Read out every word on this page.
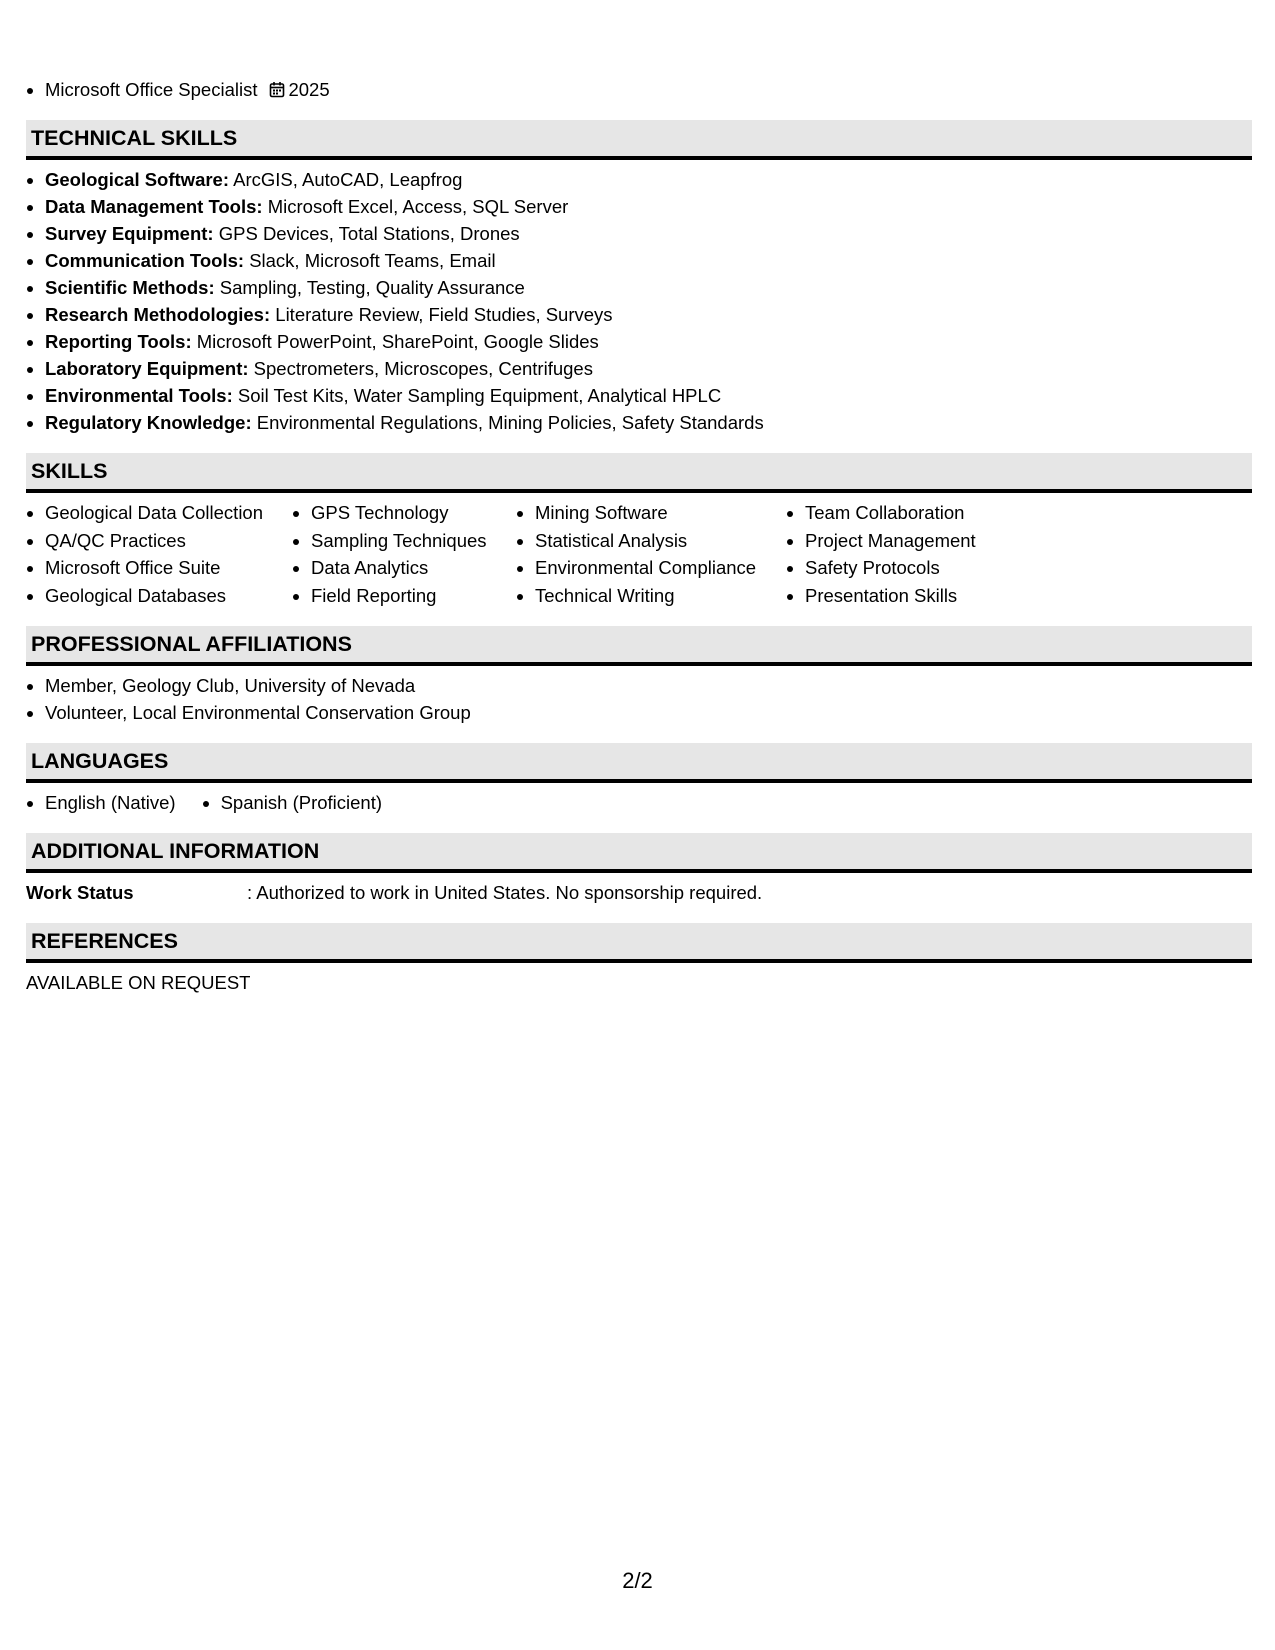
• Microsoft Office Specialist 2025
TECHNICAL SKILLS
• Geological Software: ArcGIS, AutoCAD, Leapfrog
• Data Management Tools: Microsoft Excel, Access, SQL Server
• Survey Equipment: GPS Devices, Total Stations, Drones
• Communication Tools: Slack, Microsoft Teams, Email
• Scientific Methods: Sampling, Testing, Quality Assurance
• Research Methodologies: Literature Review, Field Studies, Surveys
• Reporting Tools: Microsoft PowerPoint, SharePoint, Google Slides
• Laboratory Equipment: Spectrometers, Microscopes, Centrifuges
• Environmental Tools: Soil Test Kits, Water Sampling Equipment, Analytical HPLC
• Regulatory Knowledge: Environmental Regulations, Mining Policies, Safety Standards
SKILLS
• Geological Data Collection
• QA/QC Practices
• Microsoft Office Suite
• Geological Databases
• GPS Technology
• Sampling Techniques
• Data Analytics
• Field Reporting
• Mining Software
• Statistical Analysis
• Environmental Compliance
• Technical Writing
• Team Collaboration
• Project Management
• Safety Protocols
• Presentation Skills
PROFESSIONAL AFFILIATIONS
• Member, Geology Club, University of Nevada
• Volunteer, Local Environmental Conservation Group
LANGUAGES
• English (Native)
• Spanish (Proficient)
ADDITIONAL INFORMATION
Work Status	: Authorized to work in United States. No sponsorship required.
REFERENCES
AVAILABLE ON REQUEST
2/2
